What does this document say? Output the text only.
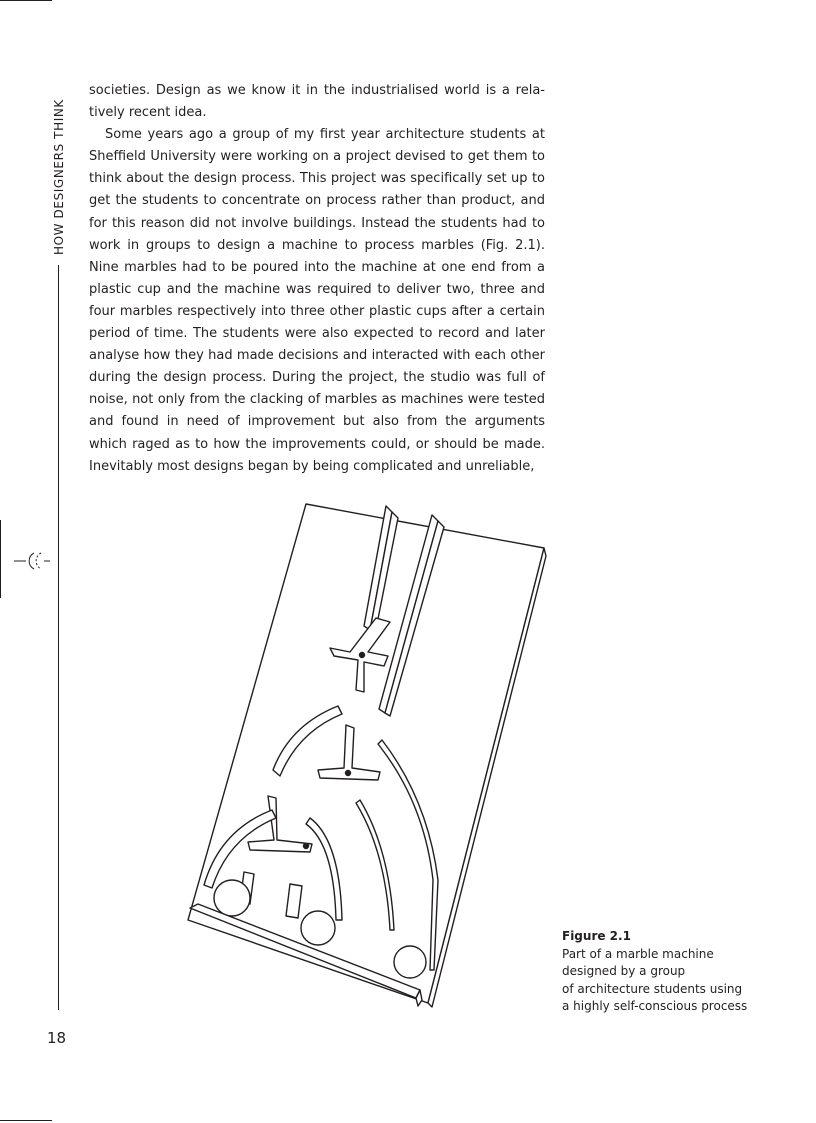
HOW DESIGNERS THINK

societies. Design as we know it in the industrialised world is a relatively recent idea.

Some years ago a group of my first year architecture students at Sheffield University were working on a project devised to get them to think about the design process. This project was specifically set up to get the students to concentrate on process rather than product, and for this reason did not involve buildings. Instead the students had to work in groups to design a machine to process marbles (Fig. 2.1). Nine marbles had to be poured into the machine at one end from a plastic cup and the machine was required to deliver two, three and four marbles respectively into three other plastic cups after a certain period of time. The students were also expected to record and later analyse how they had made decisions and interacted with each other during the design process. During the project, the studio was full of noise, not only from the clacking of marbles as machines were tested and found in need of improvement but also from the arguments which raged as to how the improvements could, or should be made. Inevitably most designs began by being complicated and unreliable,

Figure 2.1
Part of a marble machine
designed by a group
of architecture students using
a highly self-conscious process
18
